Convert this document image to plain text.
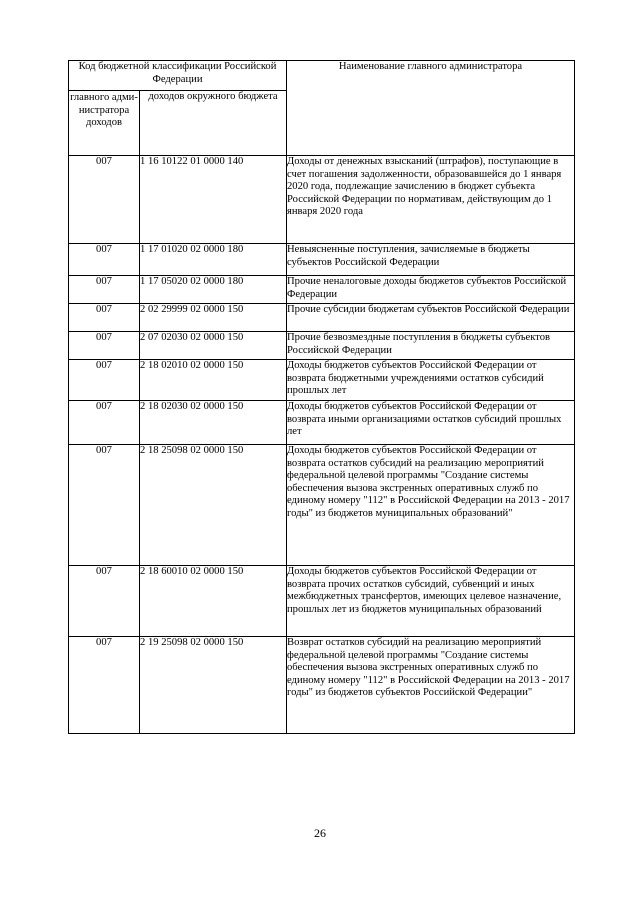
Код бюджетной классификации Российской Федерации		Наименование главного администратора
главного адми-нистратора доходов	доходов окружного бюджета	
007	1 16 10122 01 0000 140	Доходы от денежных взысканий (штрафов), поступающие в счет погашения задолженности, образовавшейся до 1 января 2020 года, подлежащие зачислению в бюджет субъекта Российской Федерации по нормативам, действующим до 1 января 2020 года
007	1 17 01020 02 0000 180	Невыясненные поступления, зачисляемые в бюджеты субъектов Российской Федерации
007	1 17 05020 02 0000 180	Прочие неналоговые доходы бюджетов субъектов Российской Федерации
007	2 02 29999 02 0000 150	Прочие субсидии бюджетам субъектов Российской Федерации
007	2 07 02030 02 0000 150	Прочие безвозмездные поступления в бюджеты субъектов Российской Федерации
007	2 18 02010 02 0000 150	Доходы бюджетов субъектов Российской Федерации от возврата бюджетными учреждениями остатков субсидий прошлых лет
007	2 18 02030 02 0000 150	Доходы бюджетов субъектов Российской Федерации от возврата иными организациями остатков субсидий прошлых лет
007	2 18 25098 02 0000 150	Доходы бюджетов субъектов Российской Федерации от возврата остатков субсидий на реализацию мероприятий федеральной целевой программы "Создание системы обеспечения вызова экстренных оперативных служб по единому номеру "112" в Российской Федерации на 2013 - 2017 годы" из бюджетов муниципальных образований"
007	2 18 60010 02 0000 150	Доходы бюджетов субъектов Российской Федерации от возврата прочих остатков субсидий, субвенций и иных межбюджетных трансфертов, имеющих целевое назначение, прошлых лет из бюджетов муниципальных образований
007	2 19 25098 02 0000 150	Возврат остатков субсидий на реализацию мероприятий федеральной целевой программы "Создание системы обеспечения вызова экстренных оперативных служб по единому номеру "112" в Российской Федерации на 2013 - 2017 годы" из бюджетов субъектов Российской Федерации"
26
